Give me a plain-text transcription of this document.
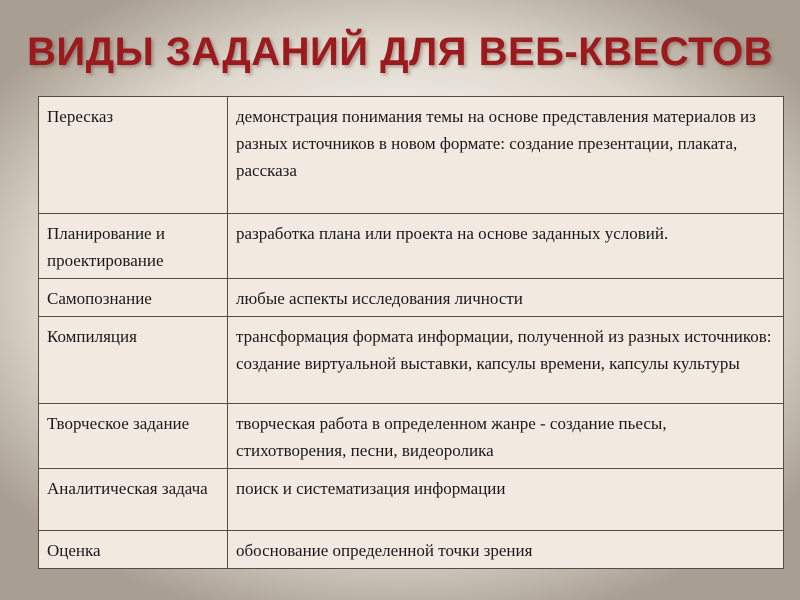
ВИДЫ ЗАДАНИЙ ДЛЯ ВЕБ-КВЕСТОВ
Пересказ	демонстрация понимания темы на основе представления материалов из разных источников в новом формате: создание презентации, плаката, рассказа
Планирование и проектирование	разработка плана или проекта на основе заданных условий.
Самопознание	любые аспекты исследования личности
Компиляция	трансформация формата информации, полученной из разных источников: создание виртуальной выставки, капсулы времени, капсулы культуры
Творческое задание	творческая работа в определенном жанре - создание пьесы, стихотворения, песни, видеоролика
Аналитическая задача	поиск и систематизация информации
Оценка	обоснование определенной точки зрения
